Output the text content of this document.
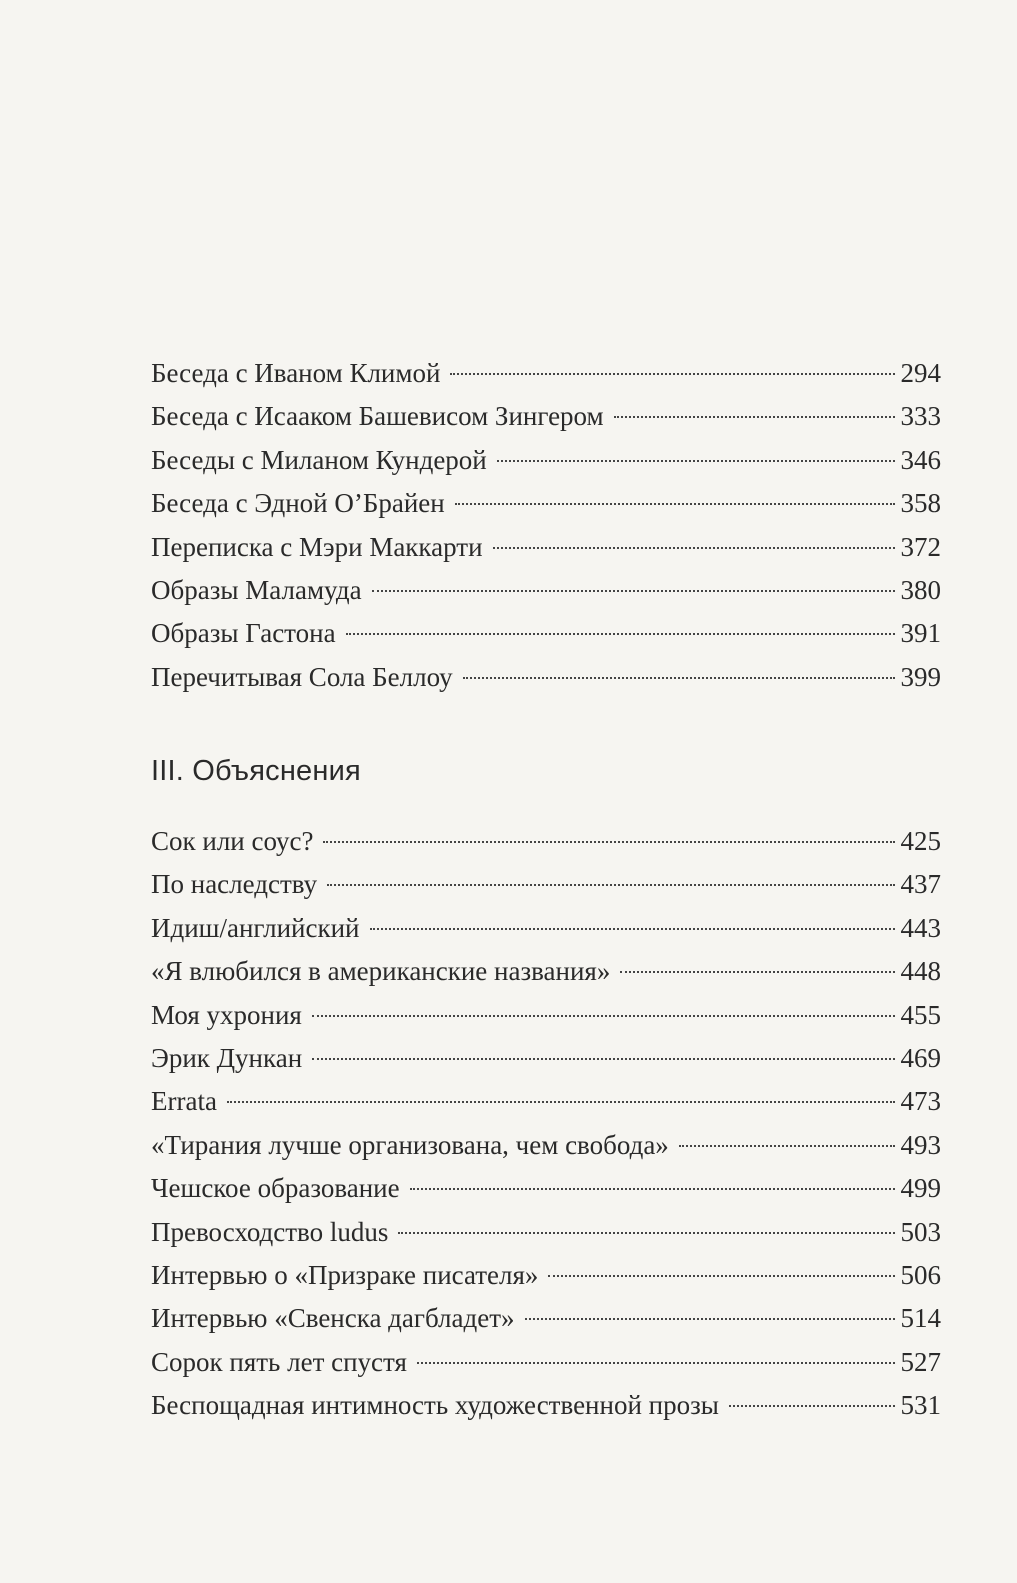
Беседа с Иваном Климой	294
Беседа с Исааком Башевисом Зингером	333
Беседы с Миланом Кундерой	346
Беседа с Эдной О’Брайен	358
Переписка с Мэри Маккарти	372
Образы Маламуда	380
Образы Гастона	391
Перечитывая Сола Беллоу	399
III. Объяснения
Сок или соус?	425
По наследству	437
Идиш/английский	443
«Я влюбился в американские названия»	448
Моя ухрония	455
Эрик Дункан	469
Errata	473
«Тирания лучше организована, чем свобода»	493
Чешское образование	499
Превосходство ludus	503
Интервью о «Призраке писателя»	506
Интервью «Свенска дагбладет»	514
Сорок пять лет спустя	527
Беспощадная интимность художественной прозы	531
